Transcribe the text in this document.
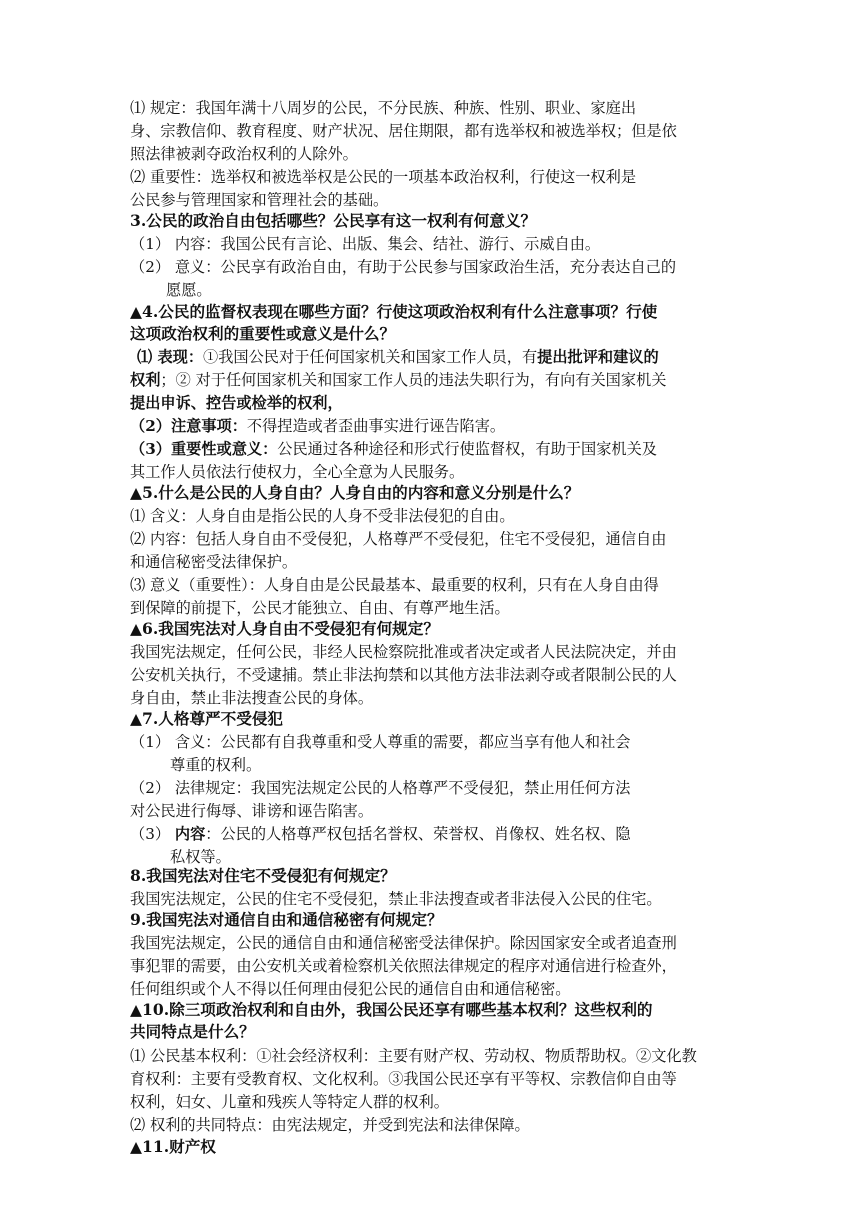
⑴ 规定：我国年满十八周岁的公民，不分民族、种族、性别、职业、家庭出
身、宗教信仰、教育程度、财产状况、居住期限，都有选举权和被选举权；但是依
照法律被剥夺政治权利的人除外。
⑵ 重要性：选举权和被选举权是公民的一项基本政治权利，行使这一权利是
公民参与管理国家和管理社会的基础。
3.公民的政治自由包括哪些？公民享有这一权利有何意义？
（1） 内容：我国公民有言论、出版、集会、结社、游行、示威自由。
（2） 意义：公民享有政治自由，有助于公民参与国家政治生活，充分表达自己的
愿愿。
▲4.公民的监督权表现在哪些方面？行使这项政治权利有什么注意事项？行使
这项政治权利的重要性或意义是什么？
⑴ 表现：①我国公民对于任何国家机关和国家工作人员，有提出批评和建议的
权利；② 对于任何国家机关和国家工作人员的违法失职行为，有向有关国家机关
提出申诉、控告或检举的权利，
（2）注意事项：不得捏造或者歪曲事实进行诬告陷害。
（3）重要性或意义：公民通过各种途径和形式行使监督权，有助于国家机关及
其工作人员依法行使权力，全心全意为人民服务。
▲5.什么是公民的人身自由？人身自由的内容和意义分别是什么？
⑴ 含义：人身自由是指公民的人身不受非法侵犯的自由。
⑵ 内容：包括人身自由不受侵犯，人格尊严不受侵犯，住宅不受侵犯，通信自由
和通信秘密受法律保护。
⑶ 意义（重要性）：人身自由是公民最基本、最重要的权利，只有在人身自由得
到保障的前提下，公民才能独立、自由、有尊严地生活。
▲6.我国宪法对人身自由不受侵犯有何规定？
我国宪法规定，任何公民，非经人民检察院批准或者决定或者人民法院决定，并由
公安机关执行，不受逮捕。禁止非法拘禁和以其他方法非法剥夺或者限制公民的人
身自由，禁止非法搜查公民的身体。
▲7.人格尊严不受侵犯
（1） 含义：公民都有自我尊重和受人尊重的需要，都应当享有他人和社会
尊重的权利。
（2） 法律规定：我国宪法规定公民的人格尊严不受侵犯，禁止用任何方法
对公民进行侮辱、诽谤和诬告陷害。
（3） 内容：公民的人格尊严权包括名誉权、荣誉权、肖像权、姓名权、隐
私权等。
8.我国宪法对住宅不受侵犯有何规定？
我国宪法规定，公民的住宅不受侵犯，禁止非法搜查或者非法侵入公民的住宅。
9.我国宪法对通信自由和通信秘密有何规定？
我国宪法规定，公民的通信自由和通信秘密受法律保护。除因国家安全或者追查刑
事犯罪的需要，由公安机关或着检察机关依照法律规定的程序对通信进行检查外，
任何组织或个人不得以任何理由侵犯公民的通信自由和通信秘密。
▲10.除三项政治权利和自由外，我国公民还享有哪些基本权利？这些权利的
共同特点是什么？
⑴ 公民基本权利：①社会经济权利：主要有财产权、劳动权、物质帮助权。②文化教
育权利：主要有受教育权、文化权利。③我国公民还享有平等权、宗教信仰自由等
权利，妇女、儿童和残疾人等特定人群的权利。
⑵ 权利的共同特点：由宪法规定，并受到宪法和法律保障。
▲11.财产权
